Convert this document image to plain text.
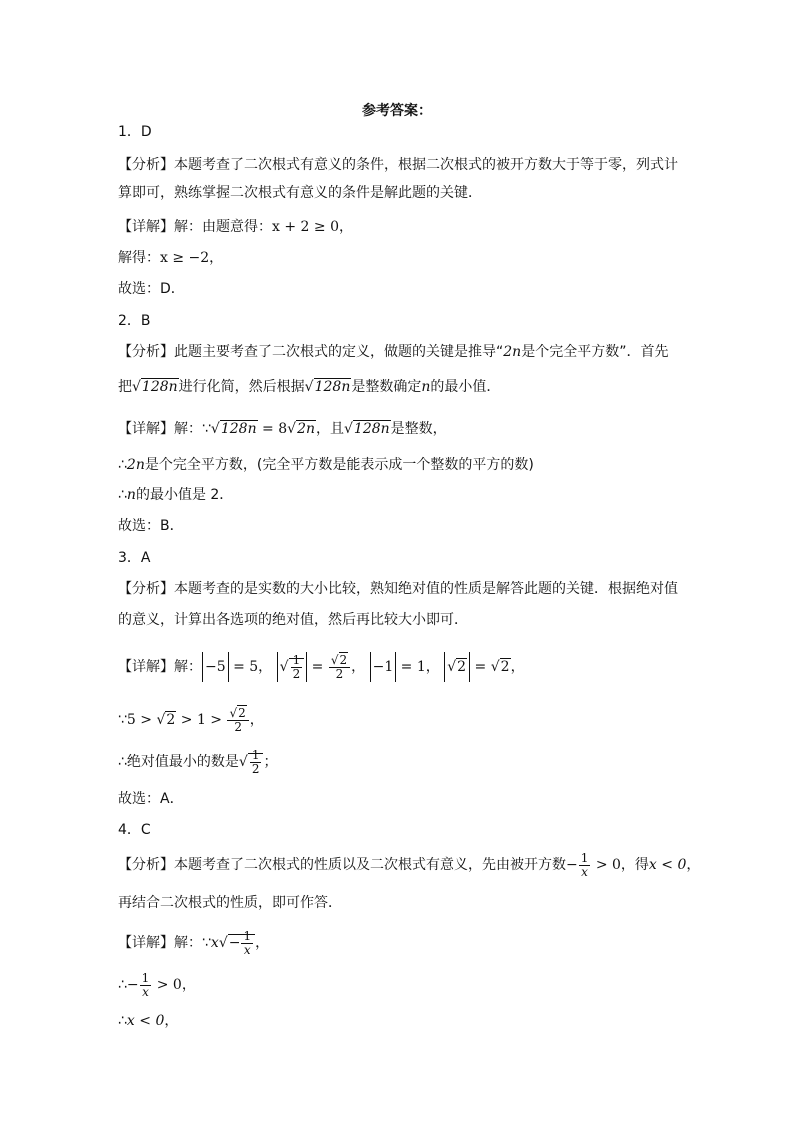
参考答案：
1．D
【分析】本题考查了二次根式有意义的条件，根据二次根式的被开方数大于等于零，列式计
算即可，熟练掌握二次根式有意义的条件是解此题的关键．
【详解】解：由题意得：x + 2 ≥ 0，
解得：x ≥ −2，
故选：D．
2．B
【分析】此题主要考查了二次根式的定义，做题的关键是推导“2n是个完全平方数”．首先
把√128n进行化简，然后根据√128n是整数确定n的最小值．
【详解】解：∵√128n = 8√2n，且√128n是整数，
∴2n是个完全平方数，(完全平方数是能表示成一个整数的平方的数)
∴n的最小值是 2．
故选：B．
3．A
【分析】本题考查的是实数的大小比较，熟知绝对值的性质是解答此题的关键．根据绝对值
的意义，计算出各选项的绝对值，然后再比较大小即可．
【详解】解： −5 = 5， √ $\frac{1}{2} = \frac{√2}{2}$ ， −1 = 1， √2 = √2，
∵5 > $√2 > 1 > \frac{√2}{2}$ ，
∴绝对值最小的数是√ $\frac{1}{2}$ ；
故选：A．
4．C
【分析】本题考查了二次根式的性质以及二次根式有意义，先由被开方数− $\frac{1}{x} > 0$，得x < 0，
再结合二次根式的性质，即可作答．
【详解】解：∵x√− $\frac{1}{x}$ ，
∴− $\frac{1}{x} > 0$，
∴x < 0，
